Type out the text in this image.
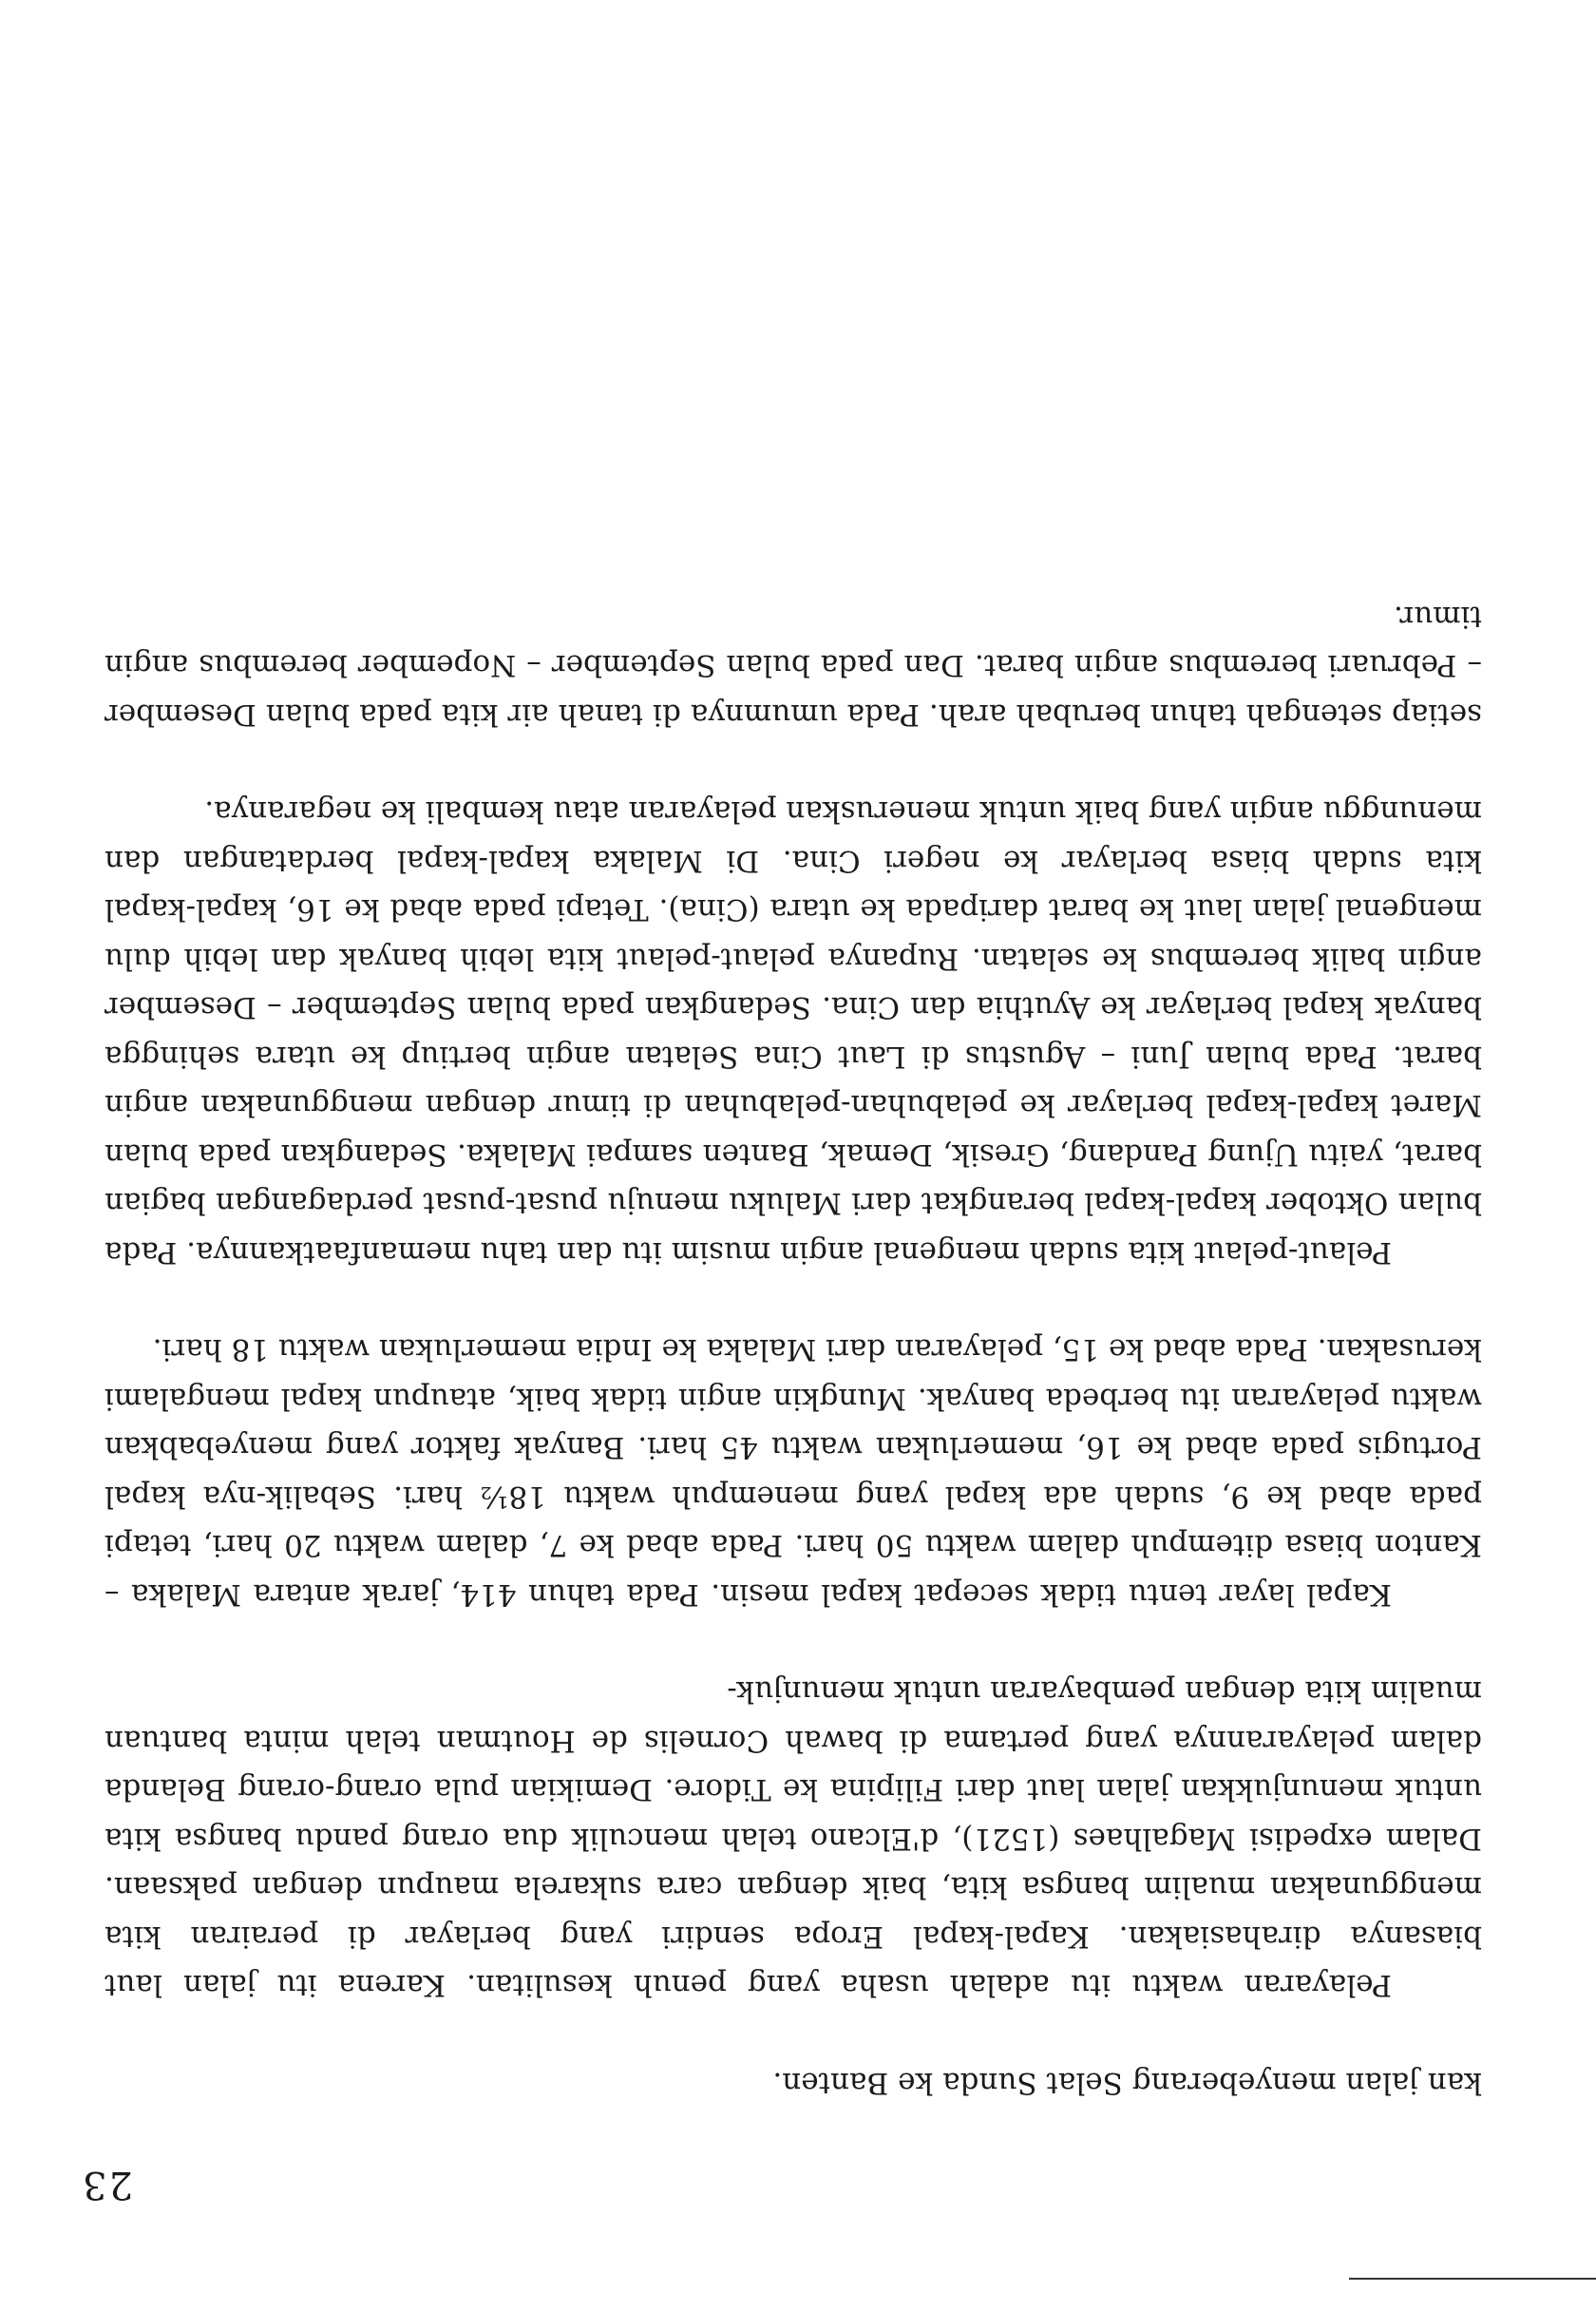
23

kan jalan menyeberang Selat Sunda ke Banten.

Pelayaran waktu itu adalah usaha yang penuh kesulitan. Karena itu jalan laut biasanya dirahasiakan. Kapal-kapal Eropa sendiri yang berlayar di perairan kita menggunakan mualim bangsa kita, baik dengan cara sukarela maupun dengan paksaan. Dalam expedisi Magalhaes (1521), d'Elcano telah menculik dua orang pandu bangsa kita untuk menunjukkan jalan laut dari Filipina ke Tidore. Demikian pula orang-orang Belanda dalam pelayarannya yang pertama di bawah Cornelis de Houtman telah minta bantuan mualim kita dengan pembayaran untuk menunjuk-

Kapal layar tentu tidak secepat kapal mesin. Pada tahun 414, jarak antara Malaka – Kanton biasa ditempuh dalam waktu 50 hari. Pada abad ke 7, dalam waktu 20 hari, tetapi pada abad ke 9, sudah ada kapal yang menempuh waktu 18½ hari. Sebalik-nya kapal Portugis pada abad ke 16, memerlukan waktu 45 hari. Banyak faktor yang menyebabkan waktu pelayaran itu berbeda banyak. Mungkin angin tidak baik, ataupun kapal mengalami kerusakan. Pada abad ke 15, pelayaran dari Malaka ke India memerlukan waktu 18 hari.

Pelaut-pelaut kita sudah mengenal angin musim itu dan tahu memanfaatkannya. Pada bulan Oktober kapal-kapal berangkat dari Maluku menuju pusat-pusat perdagangan bagian barat, yaitu Ujung Pandang, Gresik, Demak, Banten sampai Malaka. Sedangkan pada bulan Maret kapal-kapal berlayar ke pelabuhan-pelabuhan di timur dengan menggunakan angin barat. Pada bulan Juni – Agustus di Laut Cina Selatan angin bertiup ke utara sehingga banyak kapal berlayar ke Ayuthia dan Cina. Sedangkan pada bulan September – Desember angin balik berembus ke selatan. Rupanya pelaut-pelaut kita lebih banyak dan lebih dulu mengenal jalan laut ke barat daripada ke utara (Cina). Tetapi pada abad ke 16, kapal-kapal kita sudah biasa berlayar ke negeri Cina. Di Malaka kapal-kapal berdatangan dan menunggu angin yang baik untuk meneruskan pelayaran atau kembali ke negaranya.

setiap setengah tahun berubah arah. Pada umumnya di tanah air kita pada bulan Desember – Pebruari berembus angin barat. Dan pada bulan September – Nopember berembus angin timur.
